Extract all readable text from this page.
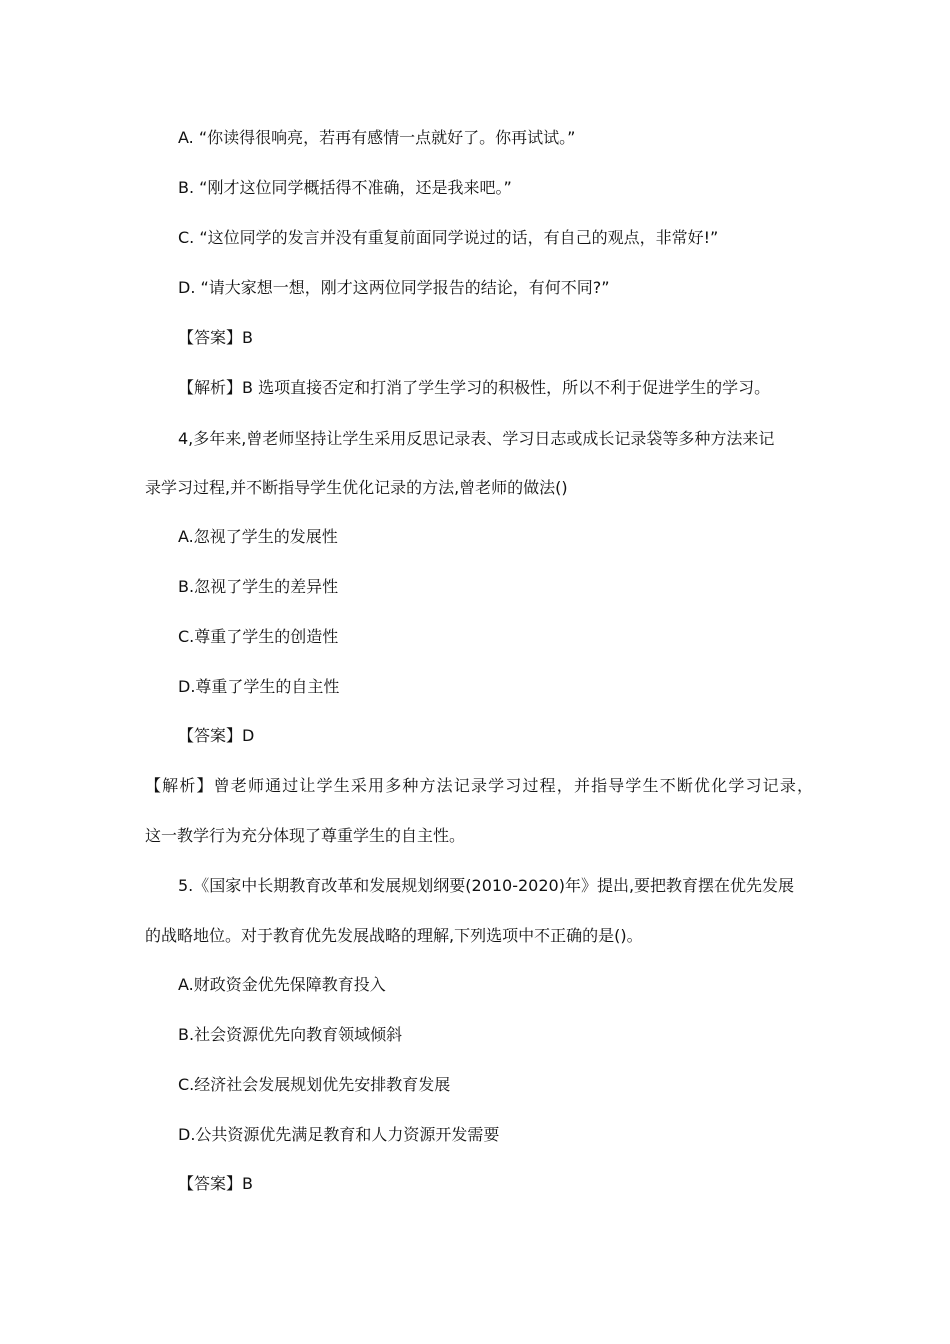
A. “你读得很响亮，若再有感情一点就好了。你再试试。”
B. “刚才这位同学概括得不准确，还是我来吧。”
C. “这位同学的发言并没有重复前面同学说过的话，有自己的观点，非常好!”
D. “请大家想一想，刚才这两位同学报告的结论，有何不同?”
【答案】B
【解析】B 选项直接否定和打消了学生学习的积极性，所以不利于促进学生的学习。
4,多年来,曾老师坚持让学生采用反思记录表、学习日志或成长记录袋等多种方法来记
录学习过程,并不断指导学生优化记录的方法,曾老师的做法()
A.忽视了学生的发展性
B.忽视了学生的差异性
C.尊重了学生的创造性
D.尊重了学生的自主性
【答案】D
【解析】曾老师通过让学生采用多种方法记录学习过程，并指导学生不断优化学习记录，
这一教学行为充分体现了尊重学生的自主性。
5.《国家中长期教育改革和发展规划纲要(2010-2020)年》提出,要把教育摆在优先发展
的战略地位。对于教育优先发展战略的理解,下列选项中不正确的是()。
A.财政资金优先保障教育投入
B.社会资源优先向教育领域倾斜
C.经济社会发展规划优先安排教育发展
D.公共资源优先满足教育和人力资源开发需要
【答案】B
